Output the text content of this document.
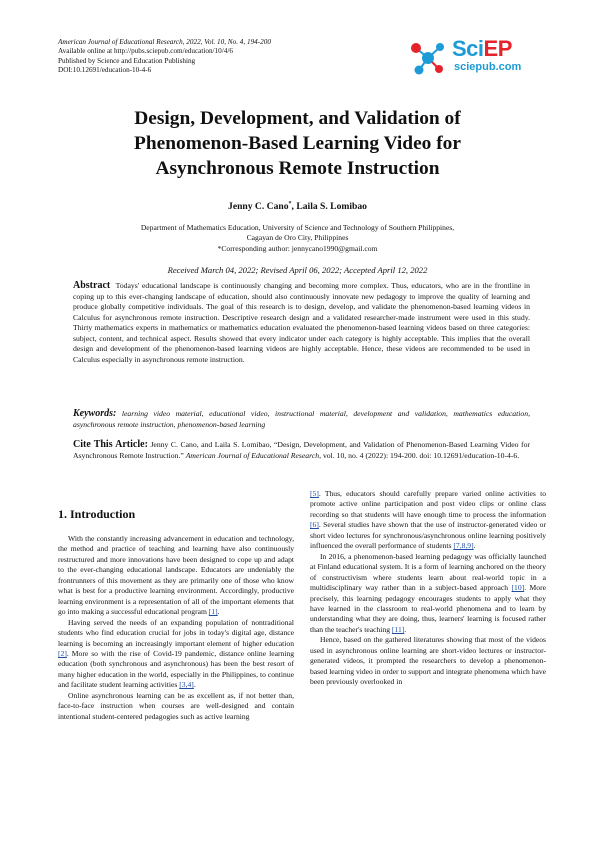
American Journal of Educational Research, 2022, Vol. 10, No. 4, 194-200
Available online at http://pubs.sciepub.com/education/10/4/6
Published by Science and Education Publishing
DOI:10.12691/education-10-4-6
SciEP
sciepub.com
Design, Development, and Validation of
Phenomenon-Based Learning Video for
Asynchronous Remote Instruction
Jenny C. Cano*, Laila S. Lomibao
Department of Mathematics Education, University of Science and Technology of Southern Philippines,
Cagayan de Oro City, Philippines
*Corresponding author: jennycano1990@gmail.com
Received March 04, 2022; Revised April 06, 2022; Accepted April 12, 2022
Abstract Todays' educational landscape is continuously changing and becoming more complex. Thus, educators, who are in the frontline in coping up to this ever-changing landscape of education, should also continuously innovate new pedagogy to improve the quality of learning and produce globally competitive individuals. The goal of this research is to design, develop, and validate the phenomenon-based learning videos in Calculus for asynchronous remote instruction. Descriptive research design and a validated researcher-made instrument were used in this study. Thirty mathematics experts in mathematics or mathematics education evaluated the phenomenon-based learning videos based on three categories: subject, content, and technical aspect. Results showed that every indicator under each category is highly acceptable. This implies that the overall design and development of the phenomenon-based learning videos are highly acceptable. Hence, these videos are recommended to be used in Calculus especially in asynchronous remote instruction.
Keywords: learning video material, educational video, instructional material, development and validation, mathematics education, asynchronous remote instruction, phenomenon-based learning
Cite This Article: Jenny C. Cano, and Laila S. Lomibao, “Design, Development, and Validation of Phenomenon-Based Learning Video for Asynchronous Remote Instruction.” American Journal of Educational Research, vol. 10, no. 4 (2022): 194-200. doi: 10.12691/education-10-4-6.
1. Introduction

With the constantly increasing advancement in education and technology, the method and practice of teaching and learning have also continuously restructured and more innovations have been designed to cope up and adapt to the ever-changing educational landscape. Educators are undeniably the frontrunners of this movement as they are primarily one of those who know what is best for a productive learning environment. Accordingly, productive learning environment is a representation of all of the important elements that go into making a successful educational program [1].

Having served the needs of an expanding population of nontraditional students who find education crucial for jobs in today's digital age, distance learning is becoming an increasingly important element of higher education [2]. More so with the rise of Covid-19 pandemic, distance online learning education (both synchronous and asynchronous) has been the best resort of many higher education in the world, especially in the Philippines, to continue and facilitate student learning activities [3,4].

Online asynchronous learning can be as excellent as, if not better than, face-to-face instruction when courses are well-designed and contain intentional student-centered pedagogies such as active learning

[5]. Thus, educators should carefully prepare varied online activities to promote active online participation and post video clips or online class recording so that students will have enough time to process the information [6]. Several studies have shown that the use of instructor-generated video or short video lectures for synchronous/asynchronous online learning positively influenced the overall performance of students [7,8,9].

In 2016, a phenomenon-based learning pedagogy was officially launched at Finland educational system. It is a form of learning anchored on the theory of constructivism where students learn about real-world topic in a multidisciplinary way rather than in a subject-based approach [10]. More precisely, this learning pedagogy encourages students to apply what they have learned in the classroom to real-world phenomena and to learn by understanding what they are doing, thus, learners' learning is focused rather than the teacher's teaching [11].

Hence, based on the gathered literatures showing that most of the videos used in asynchronous online learning are short-video lectures or instructor-generated videos, it prompted the researchers to develop a phenomenon-based learning video in order to support and integrate phenomena which have been previously overlooked in
